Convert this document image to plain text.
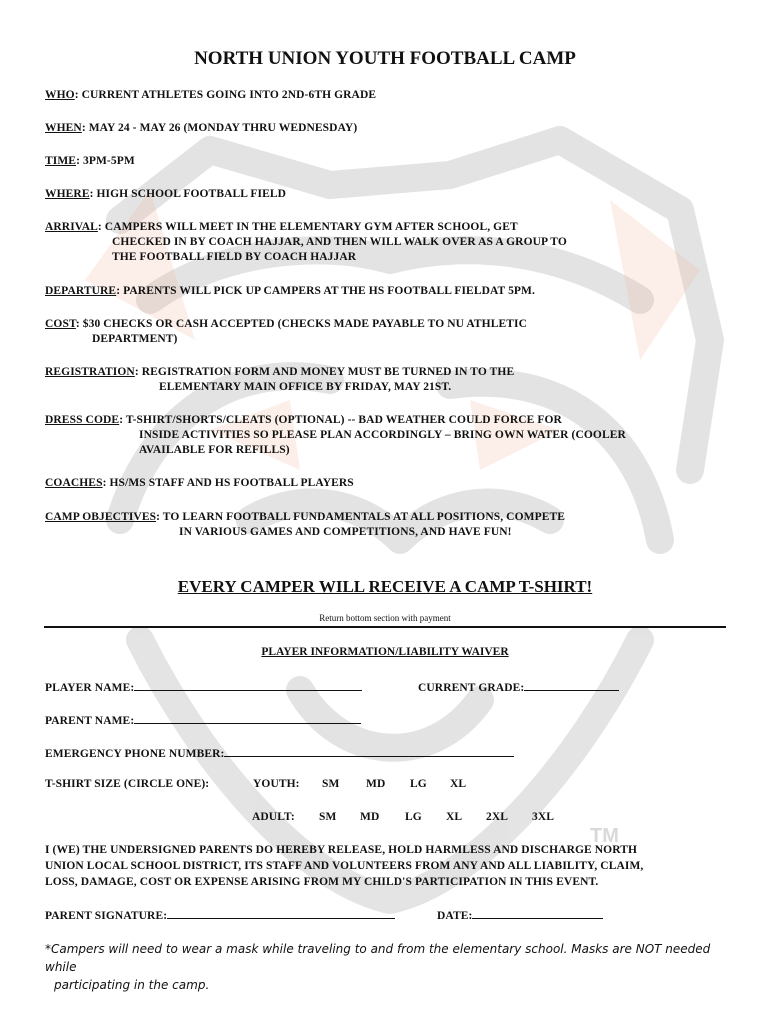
TM
NORTH UNION YOUTH FOOTBALL CAMP
WHO: CURRENT ATHLETES GOING INTO 2ND-6TH GRADE
WHEN: MAY 24 - MAY 26 (MONDAY THRU WEDNESDAY)
TIME: 3PM-5PM
WHERE: HIGH SCHOOL FOOTBALL FIELD
ARRIVAL: CAMPERS WILL MEET IN THE ELEMENTARY GYM AFTER SCHOOL, GET
CHECKED IN BY COACH HAJJAR, AND THEN WILL WALK OVER AS A GROUP TO
THE FOOTBALL FIELD BY COACH HAJJAR
DEPARTURE: PARENTS WILL PICK UP CAMPERS AT THE HS FOOTBALL FIELDAT 5PM.
COST: $30 CHECKS OR CASH ACCEPTED (CHECKS MADE PAYABLE TO NU ATHLETIC
DEPARTMENT)
REGISTRATION: REGISTRATION FORM AND MONEY MUST BE TURNED IN TO THE
ELEMENTARY MAIN OFFICE BY FRIDAY, MAY 21ST.
DRESS CODE: T-SHIRT/SHORTS/CLEATS (OPTIONAL) -- BAD WEATHER COULD FORCE FOR
INSIDE ACTIVITIES SO PLEASE PLAN ACCORDINGLY – BRING OWN WATER (COOLER
AVAILABLE FOR REFILLS)
COACHES: HS/MS STAFF AND HS FOOTBALL PLAYERS
CAMP OBJECTIVES: TO LEARN FOOTBALL FUNDAMENTALS AT ALL POSITIONS, COMPETE
IN VARIOUS GAMES AND COMPETITIONS, AND HAVE FUN!
EVERY CAMPER WILL RECEIVE A CAMP T-SHIRT!
Return bottom section with payment
PLAYER INFORMATION/LIABILITY WAIVER
PLAYER NAME:	CURRENT GRADE:
PARENT NAME:
EMERGENCY PHONE NUMBER:
T-SHIRT SIZE (CIRCLE ONE):	YOUTH: SM MD LG XL
ADULT: SM MD LG XL 2XL 3XL
I (WE) THE UNDERSIGNED PARENTS DO HEREBY RELEASE, HOLD HARMLESS AND DISCHARGE NORTH
UNION LOCAL SCHOOL DISTRICT, ITS STAFF AND VOLUNTEERS FROM ANY AND ALL LIABILITY, CLAIM,
LOSS, DAMAGE, COST OR EXPENSE ARISING FROM MY CHILD'S PARTICIPATION IN THIS EVENT.
PARENT SIGNATURE:	DATE:
*Campers will need to wear a mask while traveling to and from the elementary school. Masks are NOT needed while
participating in the camp.
